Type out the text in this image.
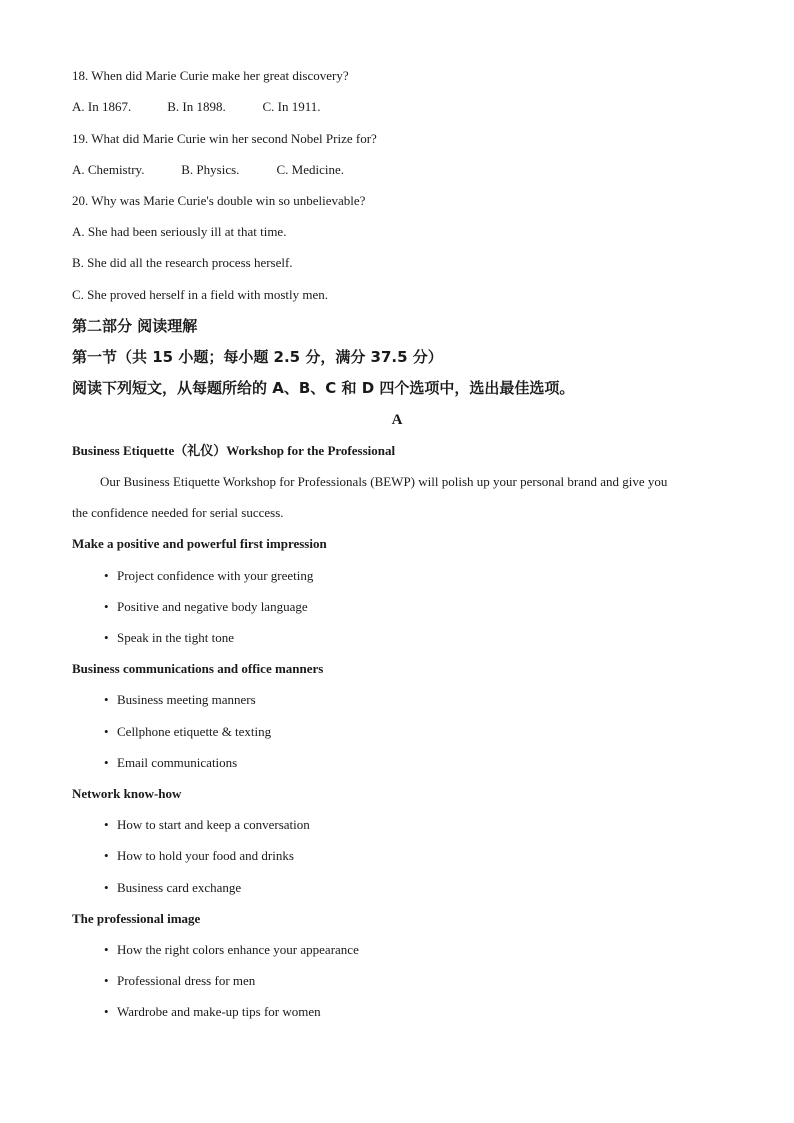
18. When did Marie Curie make her great discovery?
A. In 1867.	B. In 1898.	C. In 1911.
19. What did Marie Curie win her second Nobel Prize for?
A. Chemistry.	B. Physics.	C. Medicine.
20. Why was Marie Curie's double win so unbelievable?
A. She had been seriously ill at that time.
B. She did all the research process herself.
C. She proved herself in a field with mostly men.
第二部分 阅读理解
第一节（共 15 小题；每小题 2.5 分，满分 37.5 分）
阅读下列短文，从每题所给的 A、B、C 和 D 四个选项中，选出最佳选项。
A
Business Etiquette（礼仪）Workshop for the Professional
Our Business Etiquette Workshop for Professionals (BEWP) will polish up your personal brand and give you
the confidence needed for serial success.
Make a positive and powerful first impression
• Project confidence with your greeting
• Positive and negative body language
• Speak in the tight tone
Business communications and office manners
• Business meeting manners
• Cellphone etiquette & texting
• Email communications
Network know-how
• How to start and keep a conversation
• How to hold your food and drinks
• Business card exchange
The professional image
• How the right colors enhance your appearance
• Professional dress for men
• Wardrobe and make-up tips for women
